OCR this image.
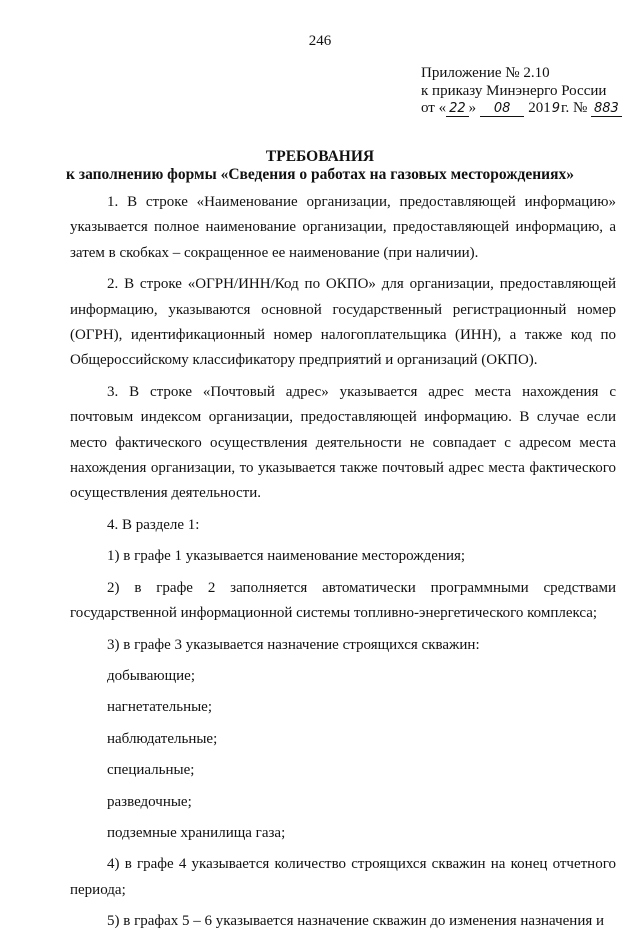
246
Приложение № 2.10
к приказу Минэнерго России
от « 22 » 08 2019г. № 883
ТРЕБОВАНИЯ
к заполнению формы «Сведения о работах на газовых месторождениях»

1. В строке «Наименование организации, предоставляющей информацию» указывается полное наименование организации, предоставляющей информацию, а затем в скобках – сокращенное ее наименование (при наличии).

2. В строке «ОГРН/ИНН/Код по ОКПО» для организации, предоставляющей информацию, указываются основной государственный регистрационный номер (ОГРН), идентификационный номер налогоплательщика (ИНН), а также код по Общероссийскому классификатору предприятий и организаций (ОКПО).

3. В строке «Почтовый адрес» указывается адрес места нахождения с почтовым индексом организации, предоставляющей информацию. В случае если место фактического осуществления деятельности не совпадает с адресом места нахождения организации, то указывается также почтовый адрес места фактического осуществления деятельности.

4. В разделе 1:

1) в графе 1 указывается наименование месторождения;

2) в графе 2 заполняется автоматически программными средствами государственной информационной системы топливно-энергетического комплекса;

3) в графе 3 указывается назначение строящихся скважин:

добывающие;

нагнетательные;

наблюдательные;

специальные;

разведочные;

подземные хранилища газа;

4) в графе 4 указывается количество строящихся скважин на конец отчетного периода;

5) в графах 5 – 6 указывается назначение скважин до изменения назначения и
